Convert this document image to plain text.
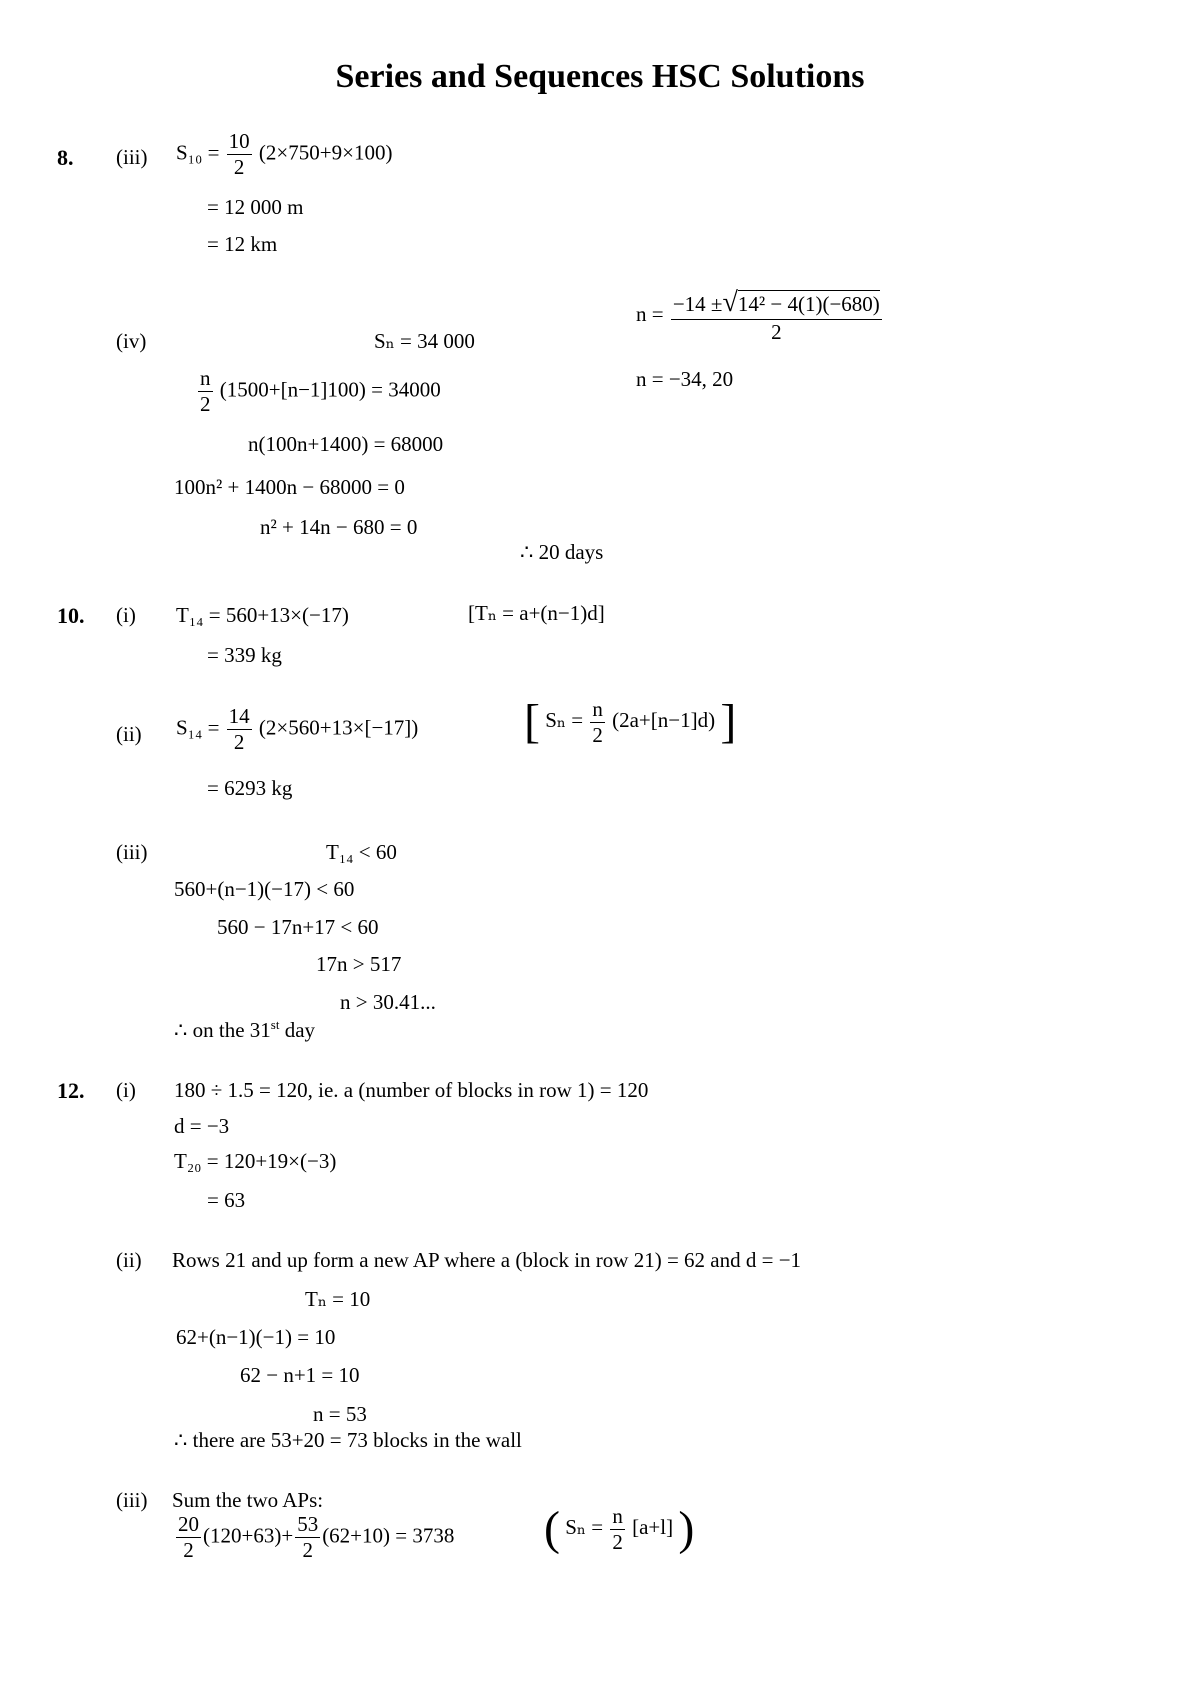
Series and Sequences HSC Solutions
8. (iii) $S_{10} = \frac{10}{2} (2\times 750+9\times 100)$
= 12 000 m
= 12 km
(iv)	Sₙ = 34 000
$\frac{n}{2} (1500+[n-1]100) = 34000$
n(100n+1400) = 68000
100n² + 1400n − 68000 = 0
n² + 14n − 680 = 0
$n = \frac{\text{−14 ±√14² − 4(1)(−680)}}{2}$
n = −34, 20
∴ 20 days
10. (i) T₁₄ = 560+13×(−17)	[Tₙ = a+(n−1)d]
= 339 kg
(ii) $S_{14} = \frac{14}{2} (2\times 560+13\times[-17])$ [ $S_n = \frac{n}{2} (2a+[n-1]d)$ ]
= 6293 kg
(iii)	T₁₄ < 60
560+(n−1)(−17) < 60
560 − 17n+17 < 60
17n > 517
n > 30.41...
∴ on the 31st day
12. (i) 180 ÷ 1.5 = 120, ie. a (number of blocks in row 1) = 120
d = −3
T₂₀ = 120+19×(−3)
= 63
(ii) Rows 21 and up form a new AP where a (block in row 21) = 62 and d = −1
Tₙ = 10
62+(n−1)(−1) = 10
62 − n+1 = 10
n = 53
∴ there are 53+20 = 73 blocks in the wall
(iii) Sum the two APs:
$\frac{20}{2} (120+63)+ \frac{53}{2} (62+10) = 3738$ ( $S_n = \frac{n}{2} [a+l]$ )
